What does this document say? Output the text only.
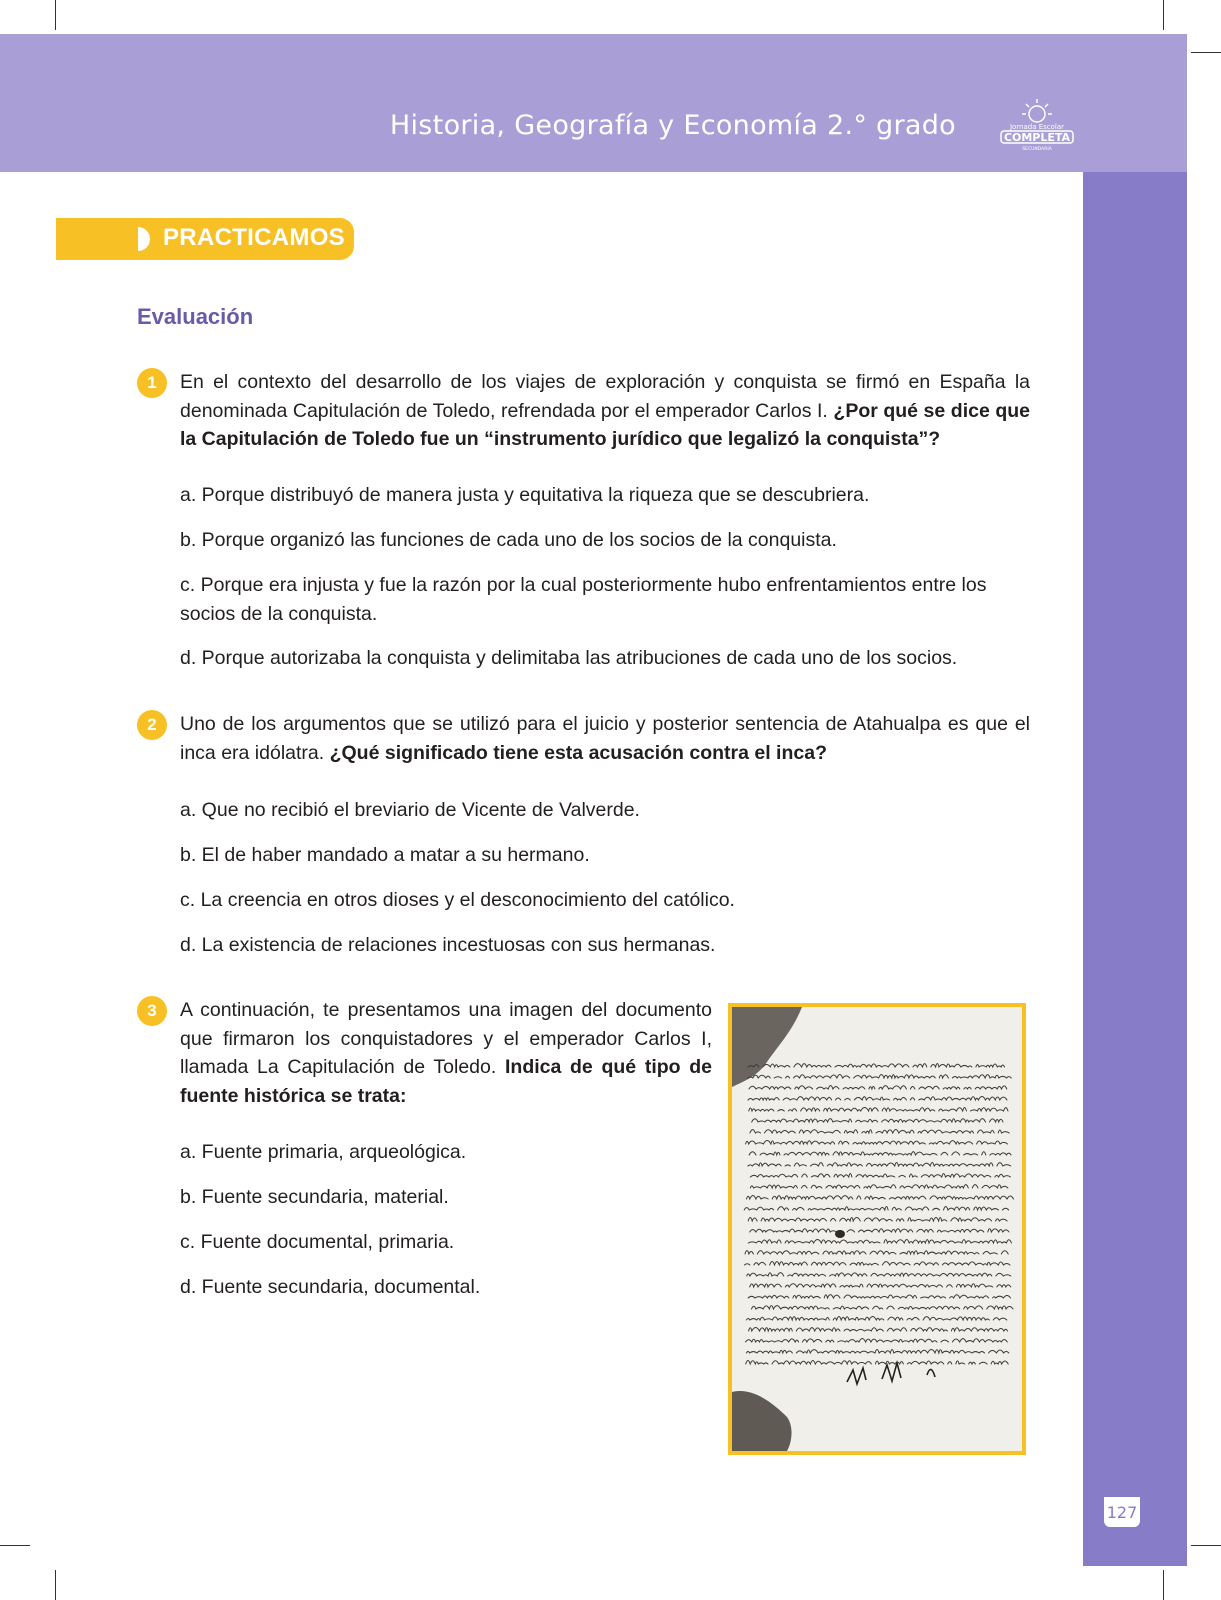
Historia, Geografía y Economía 2.° grado	Jornada Escolar
COMPLETA
SECUNDARIA
127
PRACTICAMOS
Evaluación
1	En el contexto del desarrollo de los viajes de exploración y conquista se firmó en España la denominada Capitulación de Toledo, refrendada por el emperador Carlos I. ¿Por qué se dice que la Capitulación de Toledo fue un “instrumento jurídico que legalizó la conquista”?
a. Porque distribuyó de manera justa y equitativa la riqueza que se descubriera.
b. Porque organizó las funciones de cada uno de los socios de la conquista.
c. Porque era injusta y fue la razón por la cual posteriormente hubo enfrentamientos entre los socios de la conquista.
d. Porque autorizaba la conquista y delimitaba las atribuciones de cada uno de los socios.
2	Uno de los argumentos que se utilizó para el juicio y posterior sentencia de Atahualpa es que el inca era idólatra. ¿Qué significado tiene esta acusación contra el inca?
a. Que no recibió el breviario de Vicente de Valverde.
b. El de haber mandado a matar a su hermano.
c. La creencia en otros dioses y el desconocimiento del católico.
d. La existencia de relaciones incestuosas con sus hermanas.
3	A continuación, te presentamos una imagen del documento que firmaron los conquistadores y el emperador Carlos I, llamada La Capitulación de Toledo. Indica de qué tipo de fuente histórica se trata:
a. Fuente primaria, arqueológica.
b. Fuente secundaria, material.
c. Fuente documental, primaria.
d. Fuente secundaria, documental.
